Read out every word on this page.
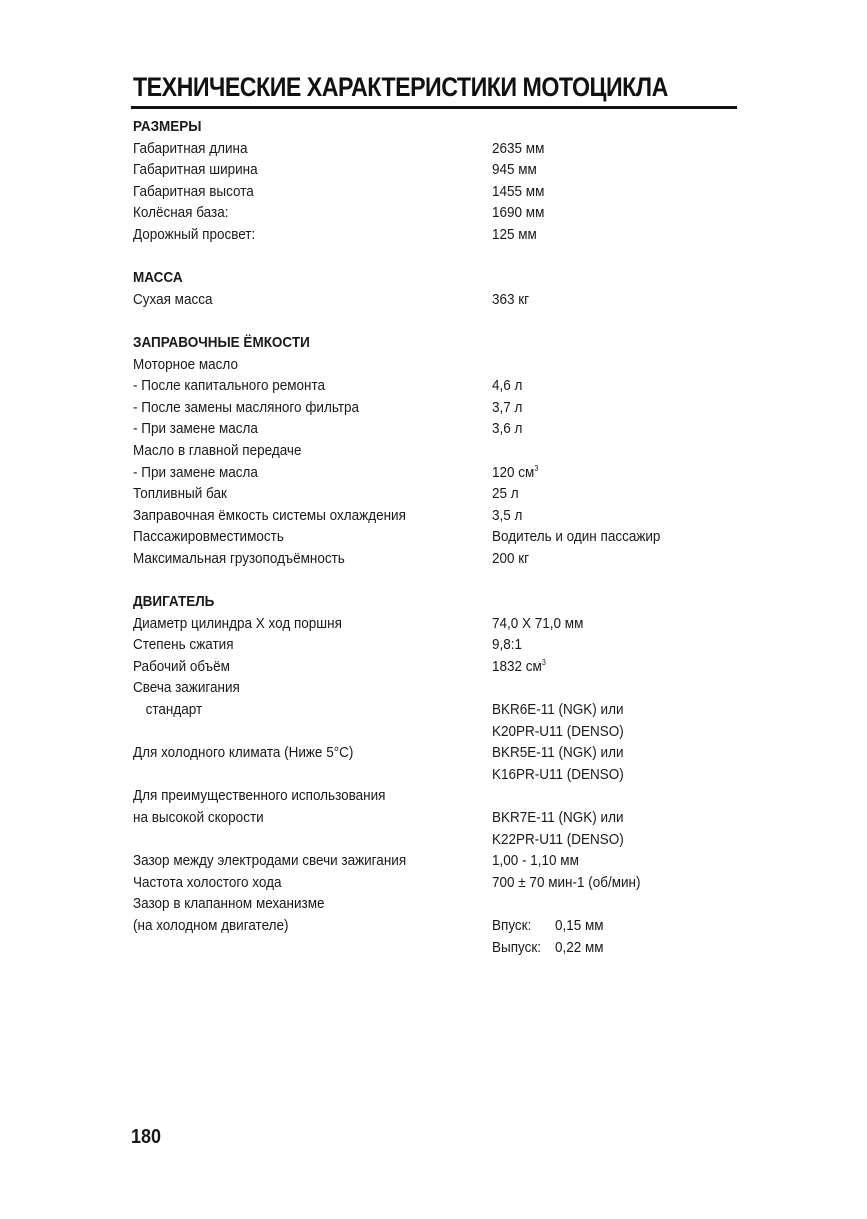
ТЕХНИЧЕСКИЕ ХАРАКТЕРИСТИКИ МОТОЦИКЛА
РАЗМЕРЫ
Габаритная длина	2635 мм
Габаритная ширина	945 мм
Габаритная высота	1455 мм
Колёсная база:	1690 мм
Дорожный просвет:	125 мм
МАССА
Сухая масса	363 кг
ЗАПРАВОЧНЫЕ ЁМКОСТИ
Моторное масло
- После капитального ремонта	4,6 л
- После замены масляного фильтра	3,7 л
- При замене масла	3,6 л
Масло в главной передаче
- При замене масла	120 $см^3$
Топливный бак	25 л
Заправочная ёмкость системы охлаждения	3,5 л
Пассажировместимость	Водитель и один пассажир
Максимальная грузоподъёмность	200 кг
ДВИГАТЕЛЬ
Диаметр цилиндра X ход поршня	74,0 X 71,0 мм
Степень сжатия	9,8:1
Рабочий объём	1832 $см^3$
Свеча зажигания
стандарт	BKR6E-11 (NGK) или
K20PR-U11 (DENSO)
Для холодного климата (Ниже 5°C)	BKR5E-11 (NGK) или
K16PR-U11 (DENSO)
Для преимущественного использования
на высокой скорости	BKR7E-11 (NGK) или
K22PR-U11 (DENSO)
Зазор между электродами свечи зажигания	1,00 - 1,10 мм
Частота холостого хода	700 ± 70 мин-1 (об/мин)
Зазор в клапанном механизме
(на холодном двигателе)	Впуск: 0,15 мм
Выпуск: 0,22 мм
180
